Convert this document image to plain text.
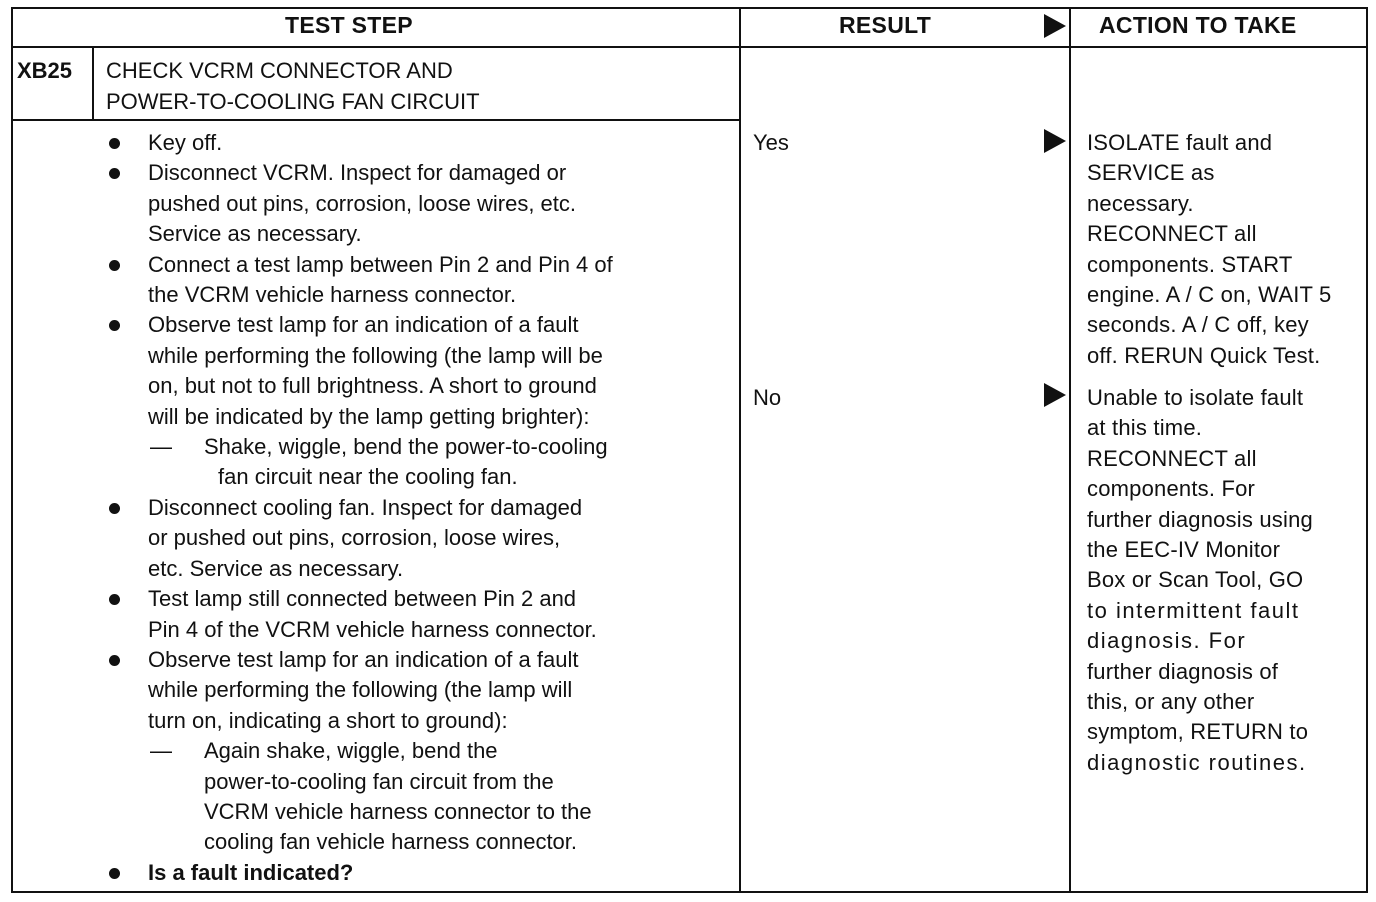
TEST STEP	RESULT	ACTION TO TAKE
XB25 CHECK VCRM CONNECTOR AND
POWER-TO-COOLING FAN CIRCUIT
Key off.
Disconnect VCRM. Inspect for damaged or
pushed out pins, corrosion, loose wires, etc.
Service as necessary.
Connect a test lamp between Pin 2 and Pin 4 of
the VCRM vehicle harness connector.
Observe test lamp for an indication of a fault
while performing the following (the lamp will be
on, but not to full brightness. A short to ground
will be indicated by the lamp getting brighter):
— Shake, wiggle, bend the power-to-cooling
fan circuit near the cooling fan.
Disconnect cooling fan. Inspect for damaged
or pushed out pins, corrosion, loose wires,
etc. Service as necessary.
Test lamp still connected between Pin 2 and
Pin 4 of the VCRM vehicle harness connector.
Observe test lamp for an indication of a fault
while performing the following (the lamp will
turn on, indicating a short to ground):
— Again shake, wiggle, bend the
power-to-cooling fan circuit from the
VCRM vehicle harness connector to the
cooling fan vehicle harness connector.
Is a fault indicated?
Yes
No
ISOLATE fault and
SERVICE as
necessary.
RECONNECT all
components. START
engine. A / C on, WAIT 5
seconds. A / C off, key
off. RERUN Quick Test.
Unable to isolate fault
at this time.
RECONNECT all
components. For
further diagnosis using
the EEC-IV Monitor
Box or Scan Tool, GO
to intermittent fault
diagnosis. For
further diagnosis of
this, or any other
symptom, RETURN to
diagnostic routines.
